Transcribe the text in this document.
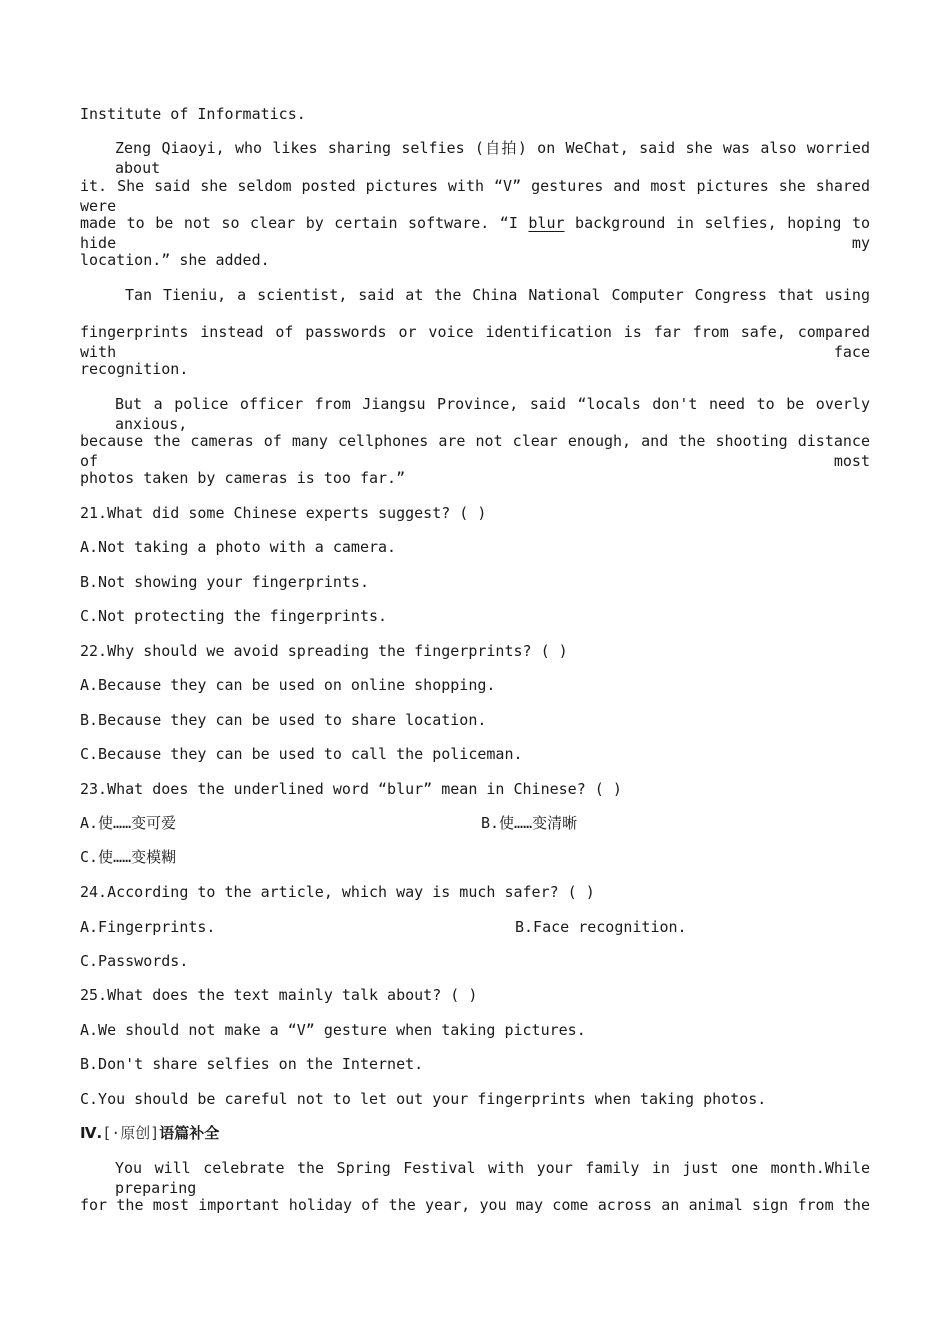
Institute of Informatics.
Zeng Qiaoyi, who likes sharing selfies (自拍) on WeChat, said she was also worried about
it. She said she seldom posted pictures with “V” gestures and most pictures she shared were
made to be not so clear by certain software. “I blur background in selfies, hoping to hide my
location.” she added.
Tan Tieniu, a scientist, said at the China National Computer Congress that using
fingerprints instead of passwords or voice identification is far from safe, compared with face
recognition.
But a police officer from Jiangsu Province, said “locals don't need to be overly anxious,
because the cameras of many cellphones are not clear enough, and the shooting distance of most
photos taken by cameras is too far.”
21.What did some Chinese experts suggest? ( )
A.Not taking a photo with a camera.
B.Not showing your fingerprints.
C.Not protecting the fingerprints.
22.Why should we avoid spreading the fingerprints? ( )
A.Because they can be used on online shopping.
B.Because they can be used to share location.
C.Because they can be used to call the policeman.
23.What does the underlined word “blur” mean in Chinese? ( )
A.使……变可爱	B.使……变清晰
C.使……变模糊
24.According to the article, which way is much safer? ( )
A.Fingerprints.	B.Face recognition.
C.Passwords.
25.What does the text mainly talk about? ( )
A.We should not make a “V” gesture when taking pictures.
B.Don't share selfies on the Internet.
C.You should be careful not to let out your fingerprints when taking photos.
Ⅳ.[·原创]语篇补全
You will celebrate the Spring Festival with your family in just one month.While preparing
for the most important holiday of the year, you may come across an animal sign from the
